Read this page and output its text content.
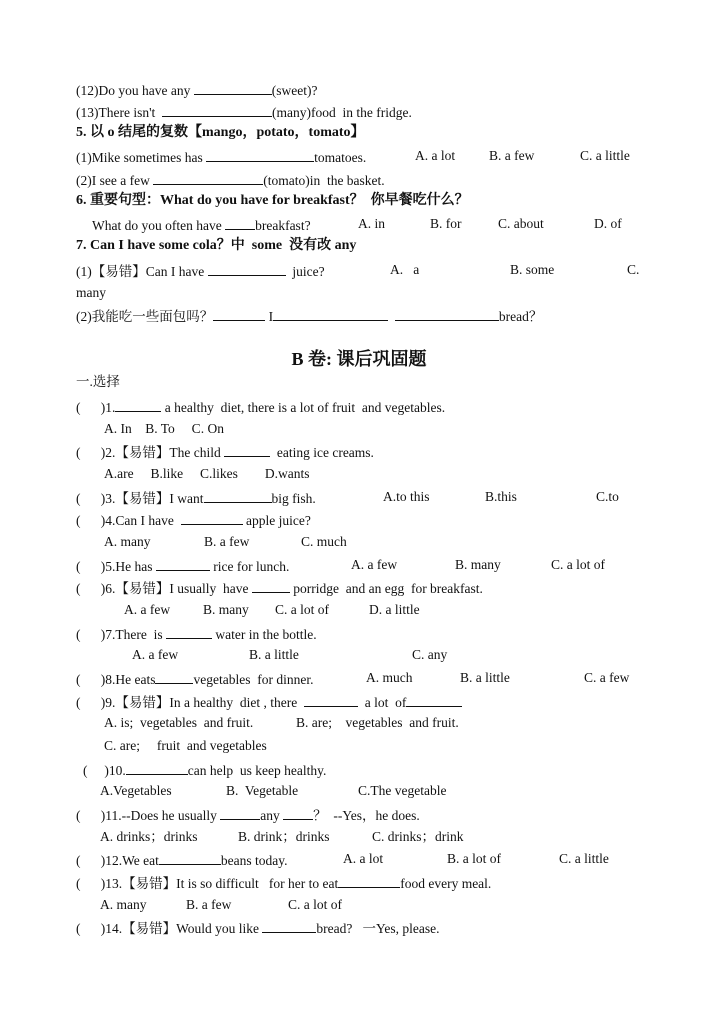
(12)Do you have any	(sweet)?
(13)There isn't	(many)food  in the fridge.
5. 以 o 结尾的复数【mango，potato，tomato】
(1)Mike sometimes has	tomatoes.	A. a lot	B. a few	C. a little
(2)I see a few	(tomato)in  the basket.
6. 重要句型：What do you have for breakfast？  你早餐吃什么？
What do you often have breakfast?	A. in	B. for	C. about	D. of
7. Can I have some cola？中  some  没有改 any
(1)【易错】Can I have	juice?	A.   a	B. some	C.
many
(2)我能吃一些面包吗？	I	bread？
B 卷: 课后巩固题
一.选择
(      )1.	a healthy  diet, there is a lot of fruit  and vegetables.
A. In    B. To     C. On
(      )2.【易错】The child	eating ice creams.
A.are     B.like     C.likes        D.wants
(      )3.【易错】I want	big fish.	A.to this	B.this	C.to
(      )4.Can I have	apple juice?
A. many	B. a few	C. much
(      )5.He has	rice for lunch.	A. a few	B. many	C. a lot of
(      )6.【易错】I usually  have	porridge  and an egg  for breakfast.
A. a few B. many C. a lot of	D. a little
(      )7.There  is	water in the bottle.
A. a few	B. a little	C. any
(      )8.He eats	vegetables  for dinner.	A. much	B. a little	C. a few
(      )9.【易错】In a healthy  diet , there	a lot  of
A. is;  vegetables  and fruit.	B. are;    vegetables  and fruit.
C. are;     fruit  and vegetables
(     )10.	can help  us keep healthy.
A.Vegetables	B.  Vegetable	C.The vegetable
(      )11.--Does he usually	any ？  --Yes，he does.
A. drinks；drinks	B. drink；drinks	C. drinks；drink
(      )12.We eat	beans today.	A. a lot	B. a lot of	C. a little
(      )13.【易错】It is so difficult   for her to eat	food every meal.
A. many	B. a few	C. a lot of
(      )14.【易错】Would you like	bread?   一Yes, please.
